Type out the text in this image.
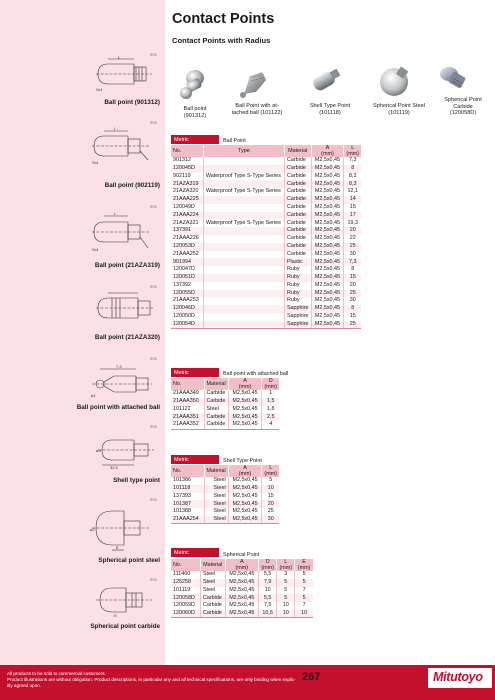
Contact Points
Contact Points with Radius
Ball point
(901312)
Ball Point with at-
tached ball (101122)
Shell Type Point
(101118)
Spherical Point Steel
(101119)
Spherical Point
Carbide
(120058D)
mm
L
Sr4
Ball point (901312)
mm
L
Sr4
Ball point (902119)
mm
L
Sr4
Ball point (21AZA319)
mm
Ball point (21AZA320)
mm
7.3
ø1
Ball point with attached ball
mm
32.5
ø4
Shell type point
mm
ø2
E
Spherical point steel
mm
E
Spherical point carbide
Metric	Ball Point
No.	Type	Material	A
(mm)	L
(mm)
901312		Carbide	M2,5x0,45	7,3
120045D		Carbide	M2,5x0,45	8
902119	Waterproof Type S-Type Series	Carbide	M2,5x0,45	8,3
21AZA319		Carbide	M2,5x0,45	8,3
21AZA320	Waterproof Type S-Type Series	Carbide	M2,5x0,45	12,1
21AAA225		Carbide	M2,5x0,45	14
120049D		Carbide	M2,5x0,45	15
21AAA224		Carbide	M2,5x0,45	17
21AZA321	Waterproof Type S-Type Series	Carbide	M2,5x0,45	19,3
137391		Carbide	M2,5x0,45	20
21AAA226		Carbide	M2,5x0,45	22
120053D		Carbide	M2,5x0,45	25
21AAA252		Carbide	M2,5x0,45	30
901994		Plastic	M2,5x0,45	7,3
120047D		Ruby	M2,5x0,45	8
120051D		Ruby	M2,5x0,45	15
137392		Ruby	M2,5x0,45	20
120055D		Ruby	M2,5x0,45	25
21AAA253		Ruby	M2,5x0,45	30
120046D		Sapphire	M2,5x0,45	8
120050D		Sapphire	M2,5x0,45	15
120054D		Sapphire	M2,5x0,45	25
Metric	Ball point with attached ball
No.	Material	A
(mm)	D
(mm)
21AAA349	Carbide	M2,5x0,45	1
21AAA350	Carbide	M2,5x0,45	1,5
101122	Steel	M2,5x0,45	1,8
21AAA351	Carbide	M2,5x0,45	2,5
21AAA352	Carbide	M2,5x0,45	4
Metric	Shell Type Point
No.	Material	A
(mm)	L
(mm)
101386	Steel	M2,5x0,45	5
101118	Steel	M2,5x0,45	10
137393	Steel	M2,5x0,45	15
101387	Steel	M2,5x0,45	20
101388	Steel	M2,5x0,45	25
21AAA254	Steel	M2,5x0,45	30
Metric	Spherical Point
No.	Material	A
(mm)	D
(mm)	L
(mm)	E
(mm)
111460	Steel	M2,5x0,45	5,5	3	5
125258	Steel	M2,5x0,45	7,9	5	5
101119	Steel	M2,5x0,45	10	5	7
120058D	Carbide	M2,5x0,45	5,5	5	5
120059D	Carbide	M2,5x0,45	7,5	10	7
120060D	Carbide	M2,5x0,45	10,5	10	10
All products to be sold to commercial customers.
Product illustrations are without obligation. Product descriptions, in particular any and all technical specifications, are only binding when explic-
itly agreed upon.
267	Mitutoyo
